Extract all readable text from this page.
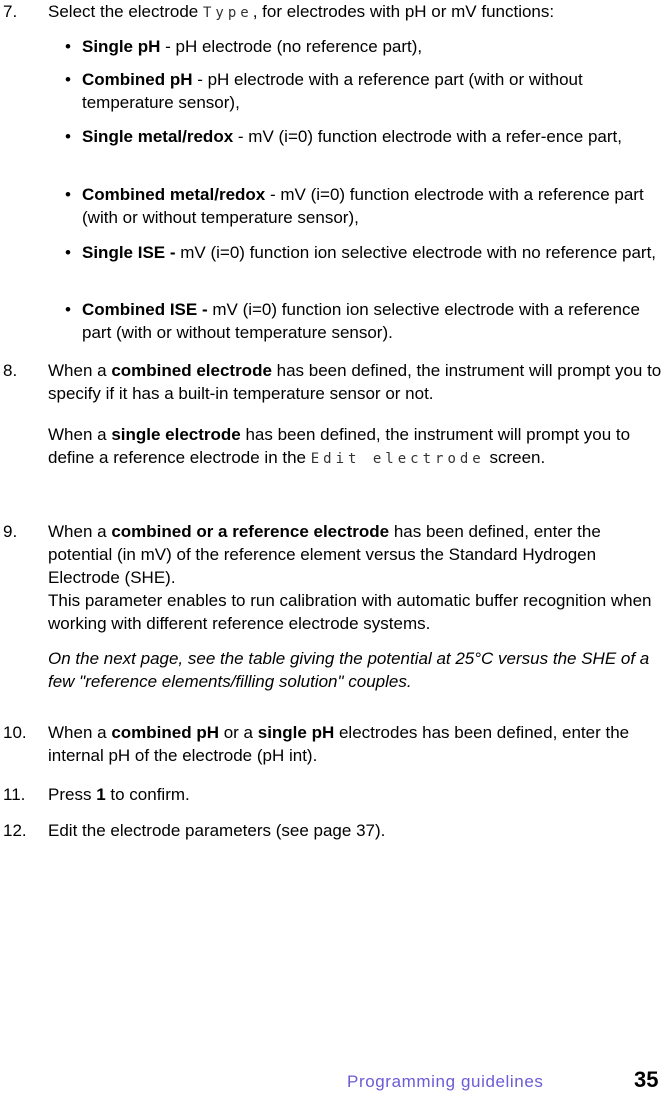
7. Select the electrode Type, for electrodes with pH or mV functions:
• Single pH - pH electrode (no reference part),
• Combined pH - pH electrode with a reference part (with or without temperature sensor),
• Single metal/redox - mV (i=0) function electrode with a refer-ence part,
• Combined metal/redox - mV (i=0) function electrode with a reference part (with or without temperature sensor),
• Single ISE - mV (i=0) function ion selective electrode with no reference part,
• Combined ISE - mV (i=0) function ion selective electrode with a reference part (with or without temperature sensor).
8. When a combined electrode has been defined, the instrument will prompt you to specify if it has a built-in temperature sensor or not.

When a single electrode has been defined, the instrument will prompt you to define a reference electrode in the Edit electrode screen.

9. When a combined or a reference electrode has been defined, enter the potential (in mV) of the reference element versus the Standard Hydrogen Electrode (SHE).

This parameter enables to run calibration with automatic buffer recognition when working with different reference electrode systems.

On the next page, see the table giving the potential at 25°C versus the SHE of a few "reference elements/filling solution" couples.

10. When a combined pH or a single pH electrodes has been defined, enter the internal pH of the electrode (pH int).
11. Press 1 to confirm.
12. Edit the electrode parameters (see page 37).
Programming guidelines	35
